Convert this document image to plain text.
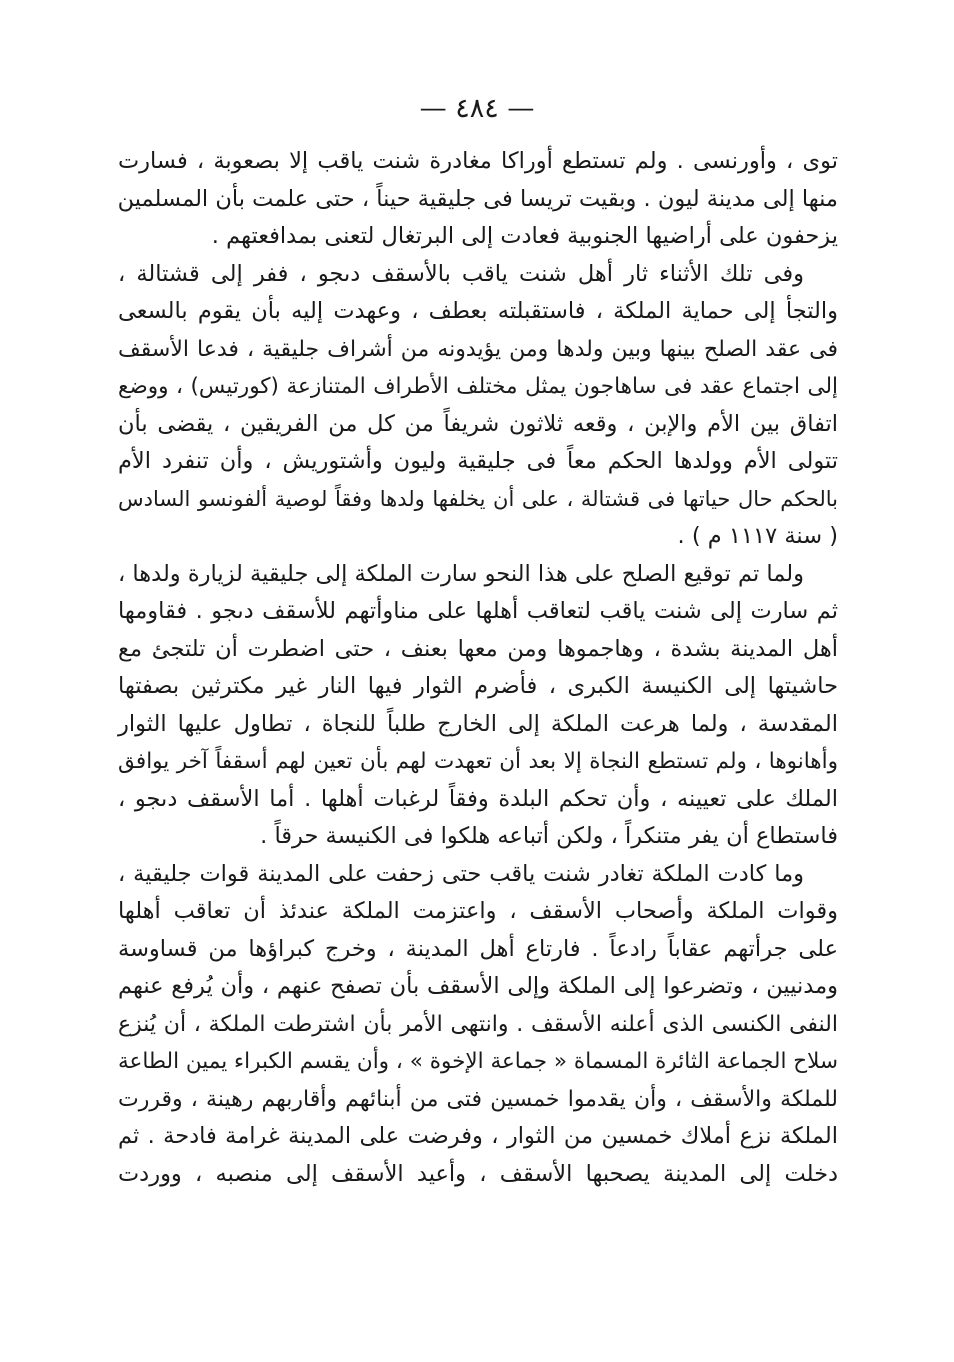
— ٤٨٤ —
توى ، وأورنسى . ولم تستطع أوراكا مغادرة شنت ياقب إلا بصعوبة ، فسارت
منها إلى مدينة ليون . وبقيت تريسا فى جليقية حيناً ، حتى علمت بأن المسلمين
يزحفون على أراضيها الجنوبية فعادت إلى البرتغال لتعنى بمدافعتهم .
وفى تلك الأثناء ثار أهل شنت ياقب بالأسقف دىجو ، ففر إلى قشتالة ،
والتجأ إلى حماية الملكة ، فاستقبلته بعطف ، وعهدت إليه بأن يقوم بالسعى
فى عقد الصلح بينها وبين ولدها ومن يؤيدونه من أشراف جليقية ، فدعا الأسقف
إلى اجتماع عقد فى ساهاجون يمثل مختلف الأطراف المتنازعة (كورتيس) ، ووضع
اتفاق بين الأم والإبن ، وقعه ثلاثون شريفاً من كل من الفريقين ، يقضى بأن
تتولى الأم وولدها الحكم معاً فى جليقية وليون وأشتوريش ، وأن تنفرد الأم
بالحكم حال حياتها فى قشتالة ، على أن يخلفها ولدها وفقاً لوصية ألفونسو السادس
( سنة ١١١٧ م ) .
ولما تم توقيع الصلح على هذا النحو سارت الملكة إلى جليقية لزيارة ولدها ،
ثم سارت إلى شنت ياقب لتعاقب أهلها على مناوأتهم للأسقف دىجو . فقاومها
أهل المدينة بشدة ، وهاجموها ومن معها بعنف ، حتى اضطرت أن تلتجئ مع
حاشيتها إلى الكنيسة الكبرى ، فأضرم الثوار فيها النار غير مكترثين بصفتها
المقدسة ، ولما هرعت الملكة إلى الخارج طلباً للنجاة ، تطاول عليها الثوار
وأهانوها ، ولم تستطع النجاة إلا بعد أن تعهدت لهم بأن تعين لهم أسقفاً آخر يوافق
الملك على تعيينه ، وأن تحكم البلدة وفقاً لرغبات أهلها . أما الأسقف دىجو ،
فاستطاع أن يفر متنكراً ، ولكن أتباعه هلكوا فى الكنيسة حرقاً .
وما كادت الملكة تغادر شنت ياقب حتى زحفت على المدينة قوات جليقية ،
وقوات الملكة وأصحاب الأسقف ، واعتزمت الملكة عندئذ أن تعاقب أهلها
على جرأتهم عقاباً رادعاً . فارتاع أهل المدينة ، وخرج كبراؤها من قساوسة
ومدنيين ، وتضرعوا إلى الملكة وإلى الأسقف بأن تصفح عنهم ، وأن يُرفع عنهم
النفى الكنسى الذى أعلنه الأسقف . وانتهى الأمر بأن اشترطت الملكة ، أن يُنزع
سلاح الجماعة الثائرة المسماة « جماعة الإخوة » ، وأن يقسم الكبراء يمين الطاعة
للملكة والأسقف ، وأن يقدموا خمسين فتى من أبنائهم وأقاربهم رهينة ، وقررت
الملكة نزع أملاك خمسين من الثوار ، وفرضت على المدينة غرامة فادحة . ثم
دخلت إلى المدينة يصحبها الأسقف ، وأعيد الأسقف إلى منصبه ، ووردت
